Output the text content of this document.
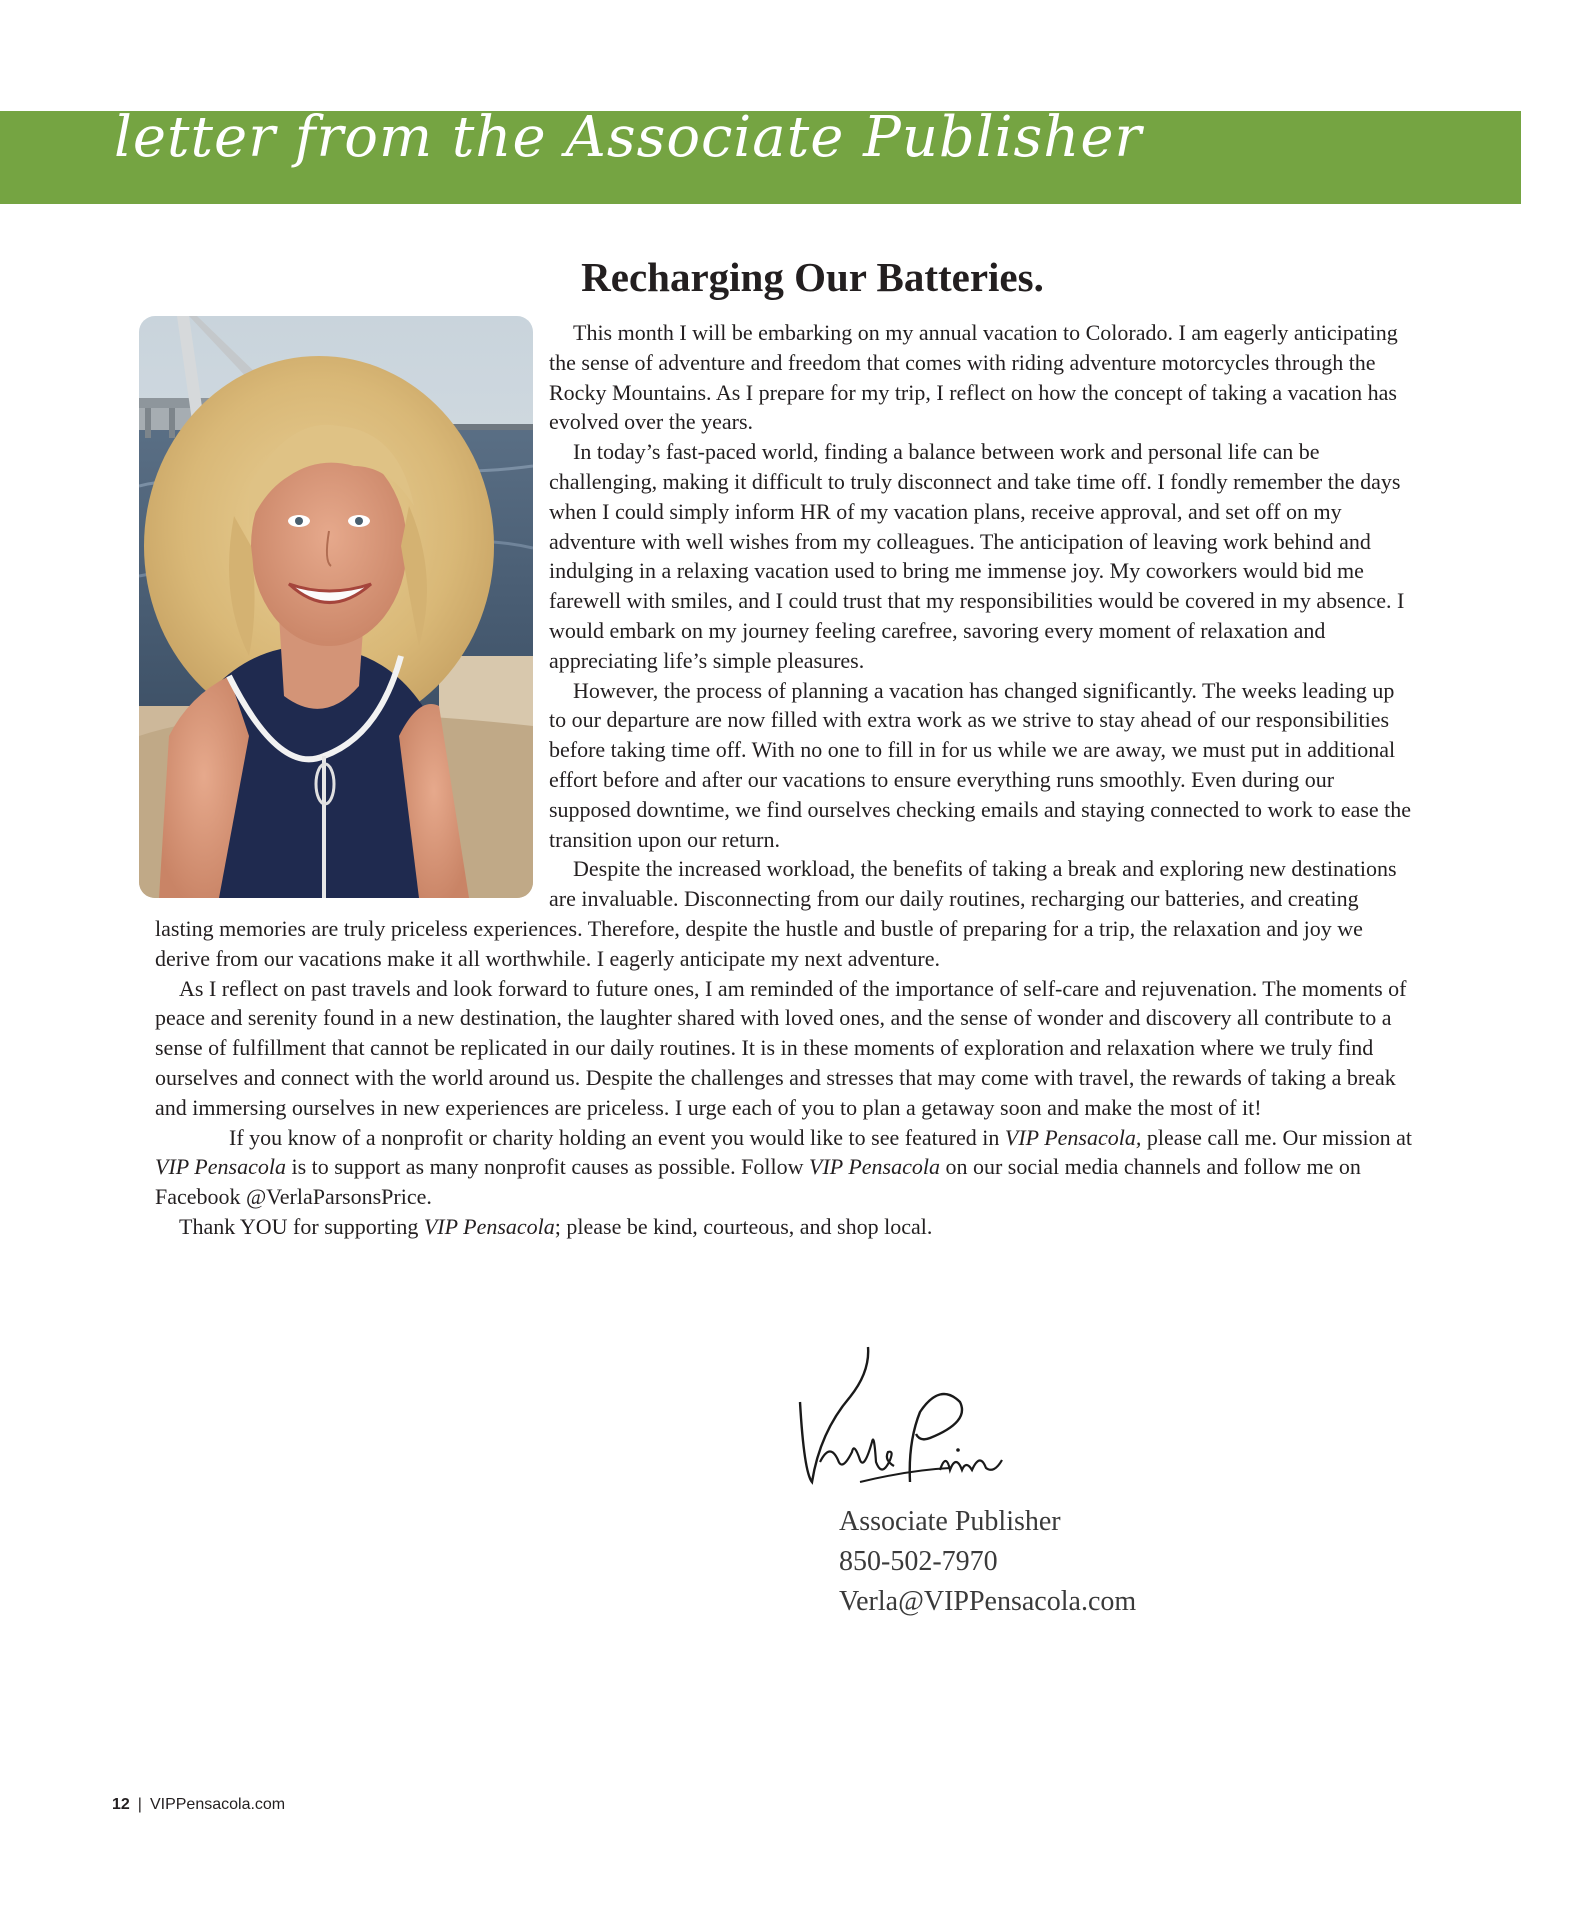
letter from the Associate Publisher
Recharging Our Batteries.

This month I will be embarking on my annual vacation to Colorado. I am eagerly anticipating the sense of adventure and freedom that comes with riding adventure motorcycles through the Rocky Mountains. As I prepare for my trip, I reflect on how the concept of taking a vacation has evolved over the years.

In today’s fast-paced world, finding a balance between work and personal life can be challenging, making it difficult to truly disconnect and take time off. I fondly remember the days when I could simply inform HR of my vacation plans, receive approval, and set off on my adventure with well wishes from my colleagues. The anticipation of leaving work behind and indulging in a relaxing vacation used to bring me immense joy. My coworkers would bid me farewell with smiles, and I could trust that my responsibilities would be covered in my absence. I would embark on my journey feeling carefree, savoring every moment of relaxation and appreciating life’s simple pleasures.

However, the process of planning a vacation has changed significantly. The weeks leading up to our departure are now filled with extra work as we strive to stay ahead of our responsibilities before taking time off. With no one to fill in for us while we are away, we must put in additional effort before and after our vacations to ensure everything runs smoothly. Even during our supposed downtime, we find ourselves checking emails and staying connected to work to ease the transition upon our return.

Despite the increased workload, the benefits of taking a break and exploring new destinations are invaluable. Disconnecting from our daily routines, recharging our batteries, and creating lasting memories are truly priceless experiences. Therefore, despite the hustle and bustle of preparing for a trip, the relaxation and joy we derive from our vacations make it all worthwhile. I eagerly anticipate my next adventure.

As I reflect on past travels and look forward to future ones, I am reminded of the importance of self-care and rejuvenation. The moments of peace and serenity found in a new destination, the laughter shared with loved ones, and the sense of wonder and discovery all contribute to a sense of fulfillment that cannot be replicated in our daily routines. It is in these moments of exploration and relaxation where we truly find ourselves and connect with the world around us. Despite the challenges and stresses that may come with travel, the rewards of taking a break and immersing ourselves in new experiences are priceless. I urge each of you to plan a getaway soon and make the most of it!

If you know of a nonprofit or charity holding an event you would like to see featured in VIP Pensacola, please call me. Our mission at VIP Pensacola is to support as many nonprofit causes as possible. Follow VIP Pensacola on our social media channels and follow me on Facebook @VerlaParsonsPrice.

Thank YOU for supporting VIP Pensacola; please be kind, courteous, and shop local.

Associate Publisher
850-502-7970
Verla@VIPPensacola.com
12 | VIPPensacola.com
